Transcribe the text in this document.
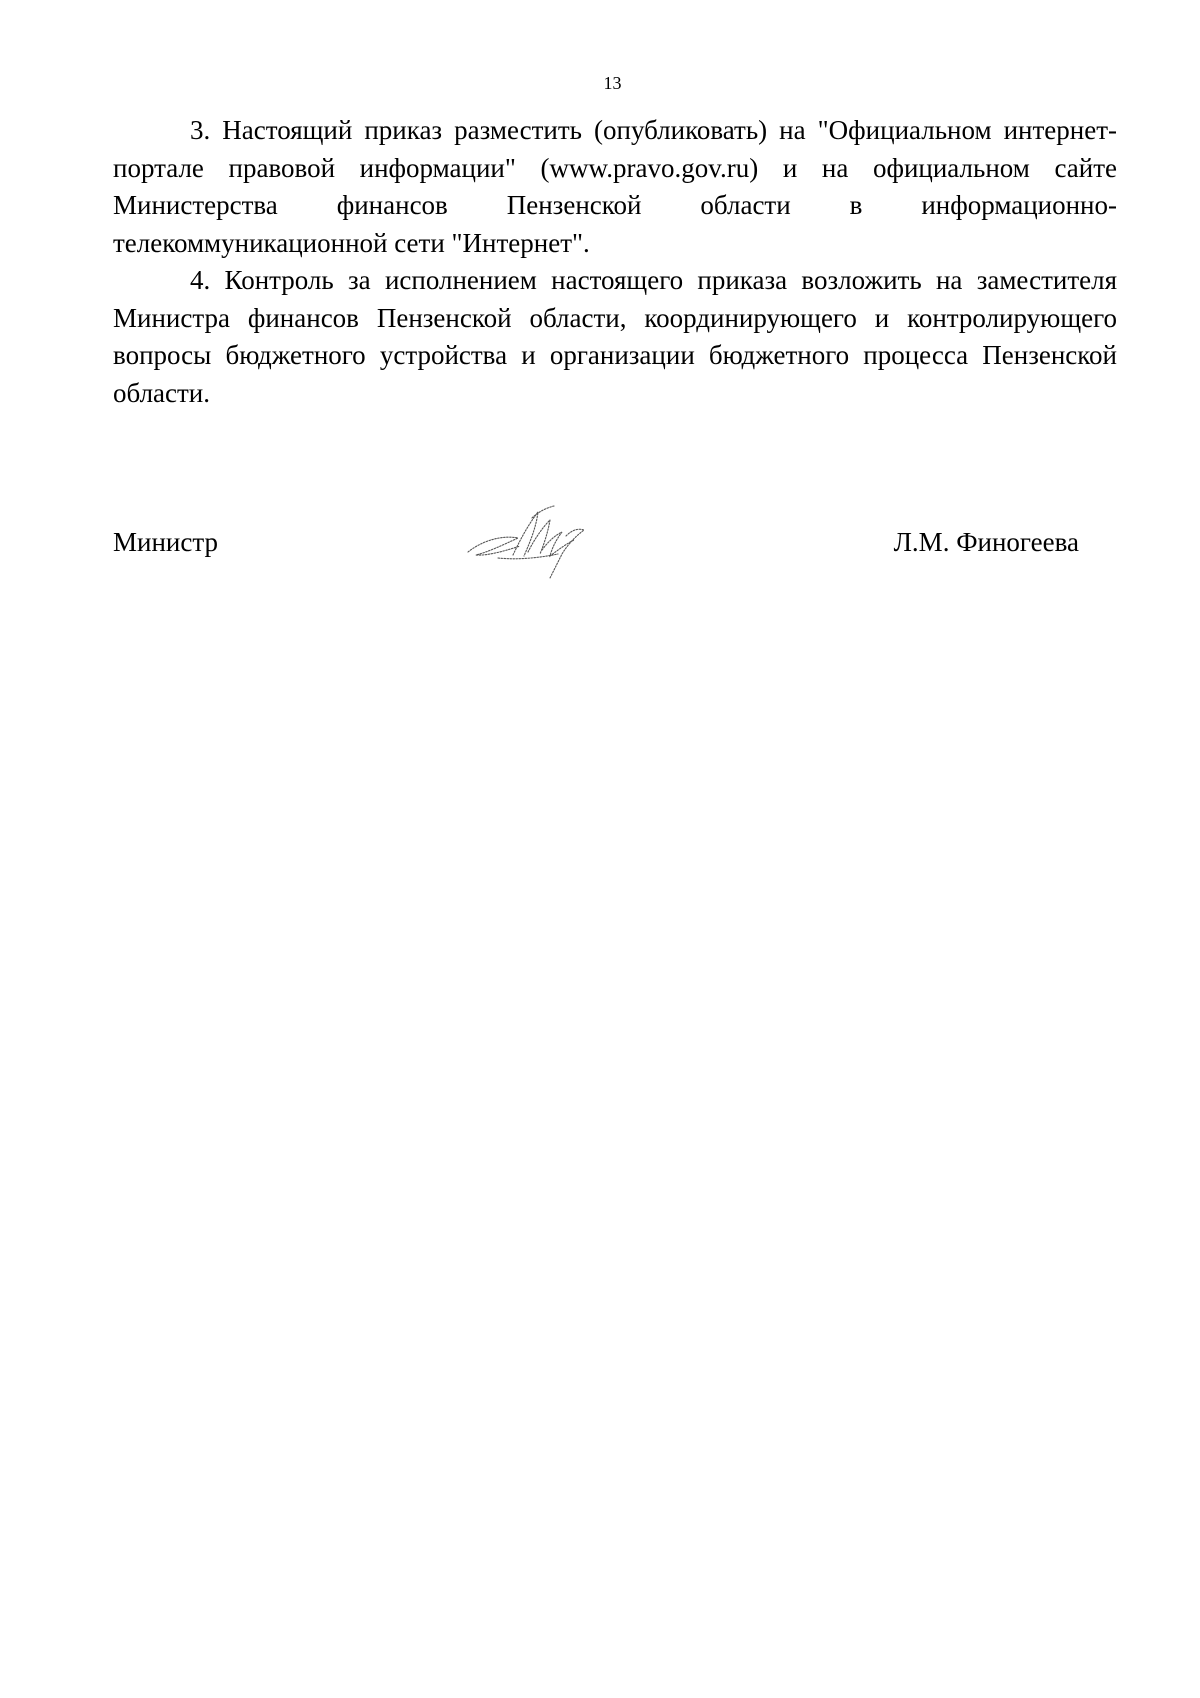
13

3. Настоящий приказ разместить (опубликовать) на "Официальном интернет-портале правовой информации" (www.pravo.gov.ru) и на официальном сайте Министерства финансов Пензенской области в информационно-телекоммуникационной сети "Интернет".

4. Контроль за исполнением настоящего приказа возложить на заместителя Министра финансов Пензенской области, координирующего и контролирующего вопросы бюджетного устройства и организации бюджетного процесса Пензенской области.

Министр	Л.М. Финогеева
